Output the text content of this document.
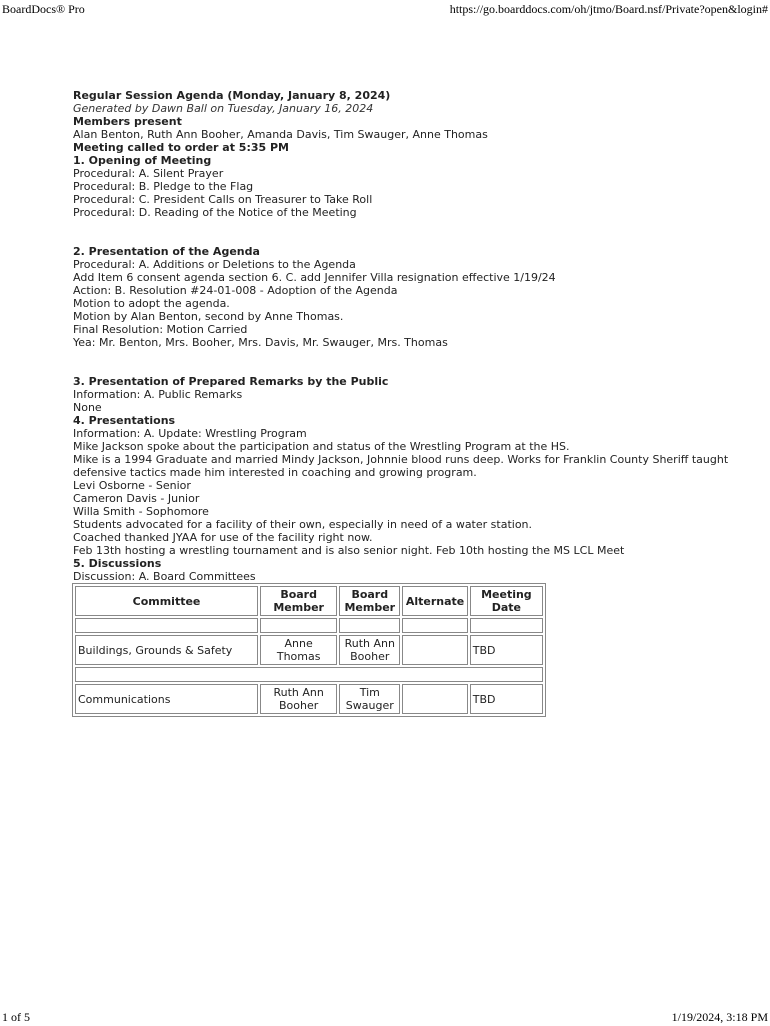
BoardDocs® Pro	https://go.boarddocs.com/oh/jtmo/Board.nsf/Private?open&login#

Regular Session Agenda (Monday, January 8, 2024)

Generated by Dawn Ball on Tuesday, January 16, 2024

Members present

Alan Benton, Ruth Ann Booher, Amanda Davis, Tim Swauger, Anne Thomas

Meeting called to order at 5:35 PM

1. Opening of Meeting

Procedural: A. Silent Prayer

Procedural: B. Pledge to the Flag

Procedural: C. President Calls on Treasurer to Take Roll

Procedural: D. Reading of the Notice of the Meeting

2. Presentation of the Agenda

Procedural: A. Additions or Deletions to the Agenda

Add Item 6 consent agenda section 6. C. add Jennifer Villa resignation effective 1/19/24

Action: B. Resolution #24-01-008 - Adoption of the Agenda

Motion to adopt the agenda.

Motion by Alan Benton, second by Anne Thomas.

Final Resolution: Motion Carried

Yea: Mr. Benton, Mrs. Booher, Mrs. Davis, Mr. Swauger, Mrs. Thomas

3. Presentation of Prepared Remarks by the Public

Information: A. Public Remarks

None

4. Presentations

Information: A. Update: Wrestling Program

Mike Jackson spoke about the participation and status of the Wrestling Program at the HS.

Mike is a 1994 Graduate and married Mindy Jackson, Johnnie blood runs deep. Works for Franklin County Sheriff taught

defensive tactics made him interested in coaching and growing program.

Levi Osborne - Senior

Cameron Davis - Junior

Willa Smith - Sophomore

Students advocated for a facility of their own, especially in need of a water station.

Coached thanked JYAA for use of the facility right now.

Feb 13th hosting a wrestling tournament and is also senior night. Feb 10th hosting the MS LCL Meet

5. Discussions

Discussion: A. Board Committees

Committee	Board Member	Board Member	Alternate	Meeting Date

Buildings, Grounds & Safety	Anne Thomas	Ruth Ann Booher		TBD

Communications	Ruth Ann Booher	Tim Swauger		TBD
1 of 5	1/19/2024, 3:18 PM
